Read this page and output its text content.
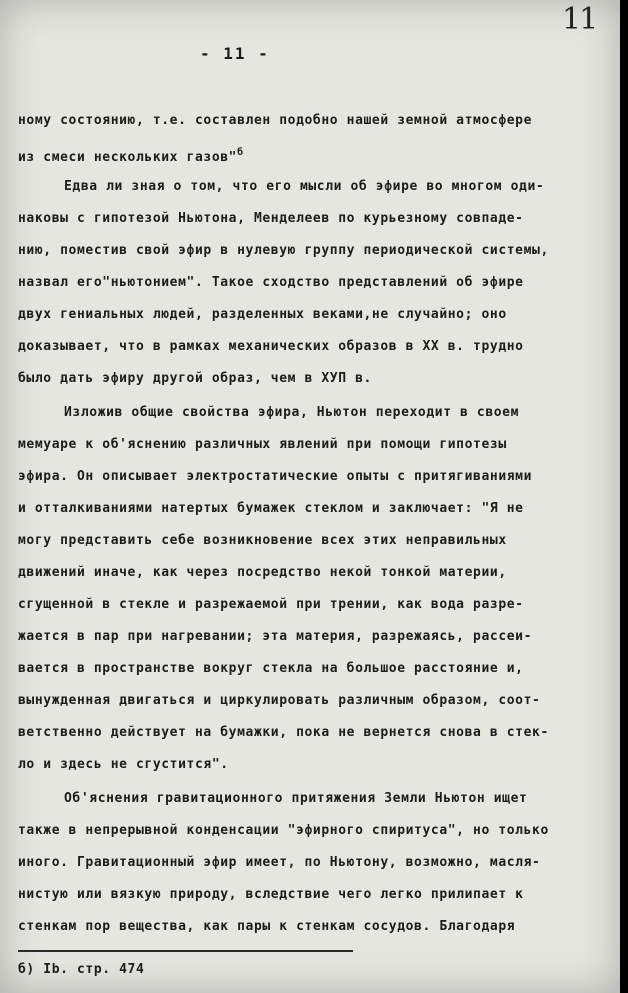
11
- 11 -
ному состоянию, т.е. составлен подобно нашей земной атмосфере
из смеси нескольких газов"$^б$
Едва ли зная о том, что его мысли об эфире во многом оди-
наковы с гипотезой Ньютона, Менделеев по курьезному совпаде-
нию, поместив свой эфир в нулевую группу периодической системы,
назвал его"ньютонием". Такое сходство представлений об эфире
двух гениальных людей, разделенных веками,не случайно; оно
доказывает, что в рамках механических образов в XX в. трудно
было дать эфиру другой образ, чем в XУП в.
Изложив общие свойства эфира, Ньютон переходит в своем
мемуаре к об'яснению различных явлений при помощи гипотезы
эфира. Он описывает электростатические опыты с притягиваниями
и отталкиваниями натертых бумажек стеклом и заключает: "Я не
могу представить себе возникновение всех этих неправильных
движений иначе, как через посредство некой тонкой материи,
сгущенной в стекле и разрежаемой при трении, как вода разре-
жается в пар при нагревании; эта материя, разрежаясь, рассеи-
вается в пространстве вокруг стекла на большое расстояние и,
вынужденная двигаться и циркулировать различным образом, соот-
ветственно действует на бумажки, пока не вернется снова в стек-
ло и здесь не сгустится".
Об'яснения гравитационного притяжения Земли Ньютон ищет
также в непрерывной конденсации "эфирного спиритуса", но только
иного. Гравитационный эфир имеет, по Ньютону, возможно, масля-
нистую или вязкую природу, вследствие чего легко прилипает к
стенкам пор вещества, как пары к стенкам сосудов. Благодаря
б) Ib. стр. 474
